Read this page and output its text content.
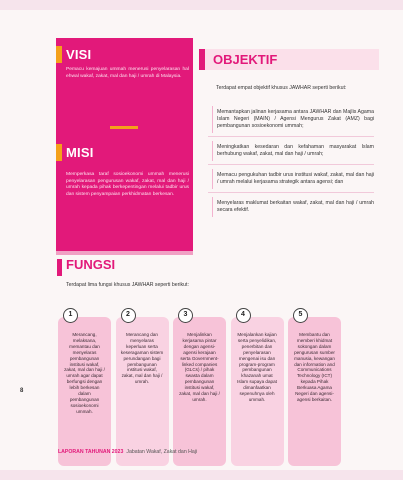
VISI

Pemacu kemajuan ummah menerusi penyelarasan hal ehwal wakaf, zakat, mal dan haji / umrah di Malaysia.

MISI

Memperkasa taraf sosioekonomi ummah menerusi penyelarasan pengurusan wakaf, zakat, mal dan haji / umrah kepada pihak berkepentingan melalui tadbir urus dan sistem penyampaian perkhidmatan berkesan.

OBJEKTIF
Terdapat empat objektif khusus JAWHAR seperti berikut:
Memantapkan jalinan kerjasama antara JAWHAR dan Majlis Agama Islam Negeri (MAIN) / Agensi Mengurus Zakat (AMZ) bagi pembangunan sosioekonomi ummah;
Meningkatkan kesedaran dan kefahaman masyarakat Islam berhubung wakaf, zakat, mal dan haji / umrah;
Memacu pengukuhan tadbir urus institusi wakaf, zakat, mal dan haji / umrah melalui kerjasama strategik antara agensi; dan
Menyelaras maklumat berkaitan wakaf, zakat, mal dan haji / umrah secara efektif.
FUNGSI
Terdapat lima fungsi khusus JAWHAR seperti berikut:
1

Merancang, melaksana, memantau dan menyelaras pembangunan institusi wakaf, zakat, mal dan haji / umrah agar dapat berfungsi dengan lebih berkesan dalam pembangunan sosioekonomi ummah.

2

Merancang dan menyelaras keperluan serta keseragaman sistem perundangan bagi pembangunan institusi wakaf, zakat, mal dan haji / umrah.

3

Menjalinkan kerjasama pintar dengan agensi-agensi kerajaan serta Government-linked companies (GLCs) / pihak swasta dalam pembangunan institusi wakaf, zakat, mal dan haji / umrah.

4

Menjalankan kajian serta penyelidikan, penerbitan dan penyelarasan mengenai isu dan program-program pembangunan khazanah umat Islam supaya dapat dimanfaatkan sepenuhnya oleh ummah.

5

Membantu dan memberi khidmat sokongan dalam pengurusan sumber manusia, kewangan dan information and Communications Technology (ICT) kepada Pihak Berkuasa Agama Negeri dan agensi-agensi berkaitan.

8
LAPORAN TAHUNAN 2023 Jabatan Wakaf, Zakat dan Haji
